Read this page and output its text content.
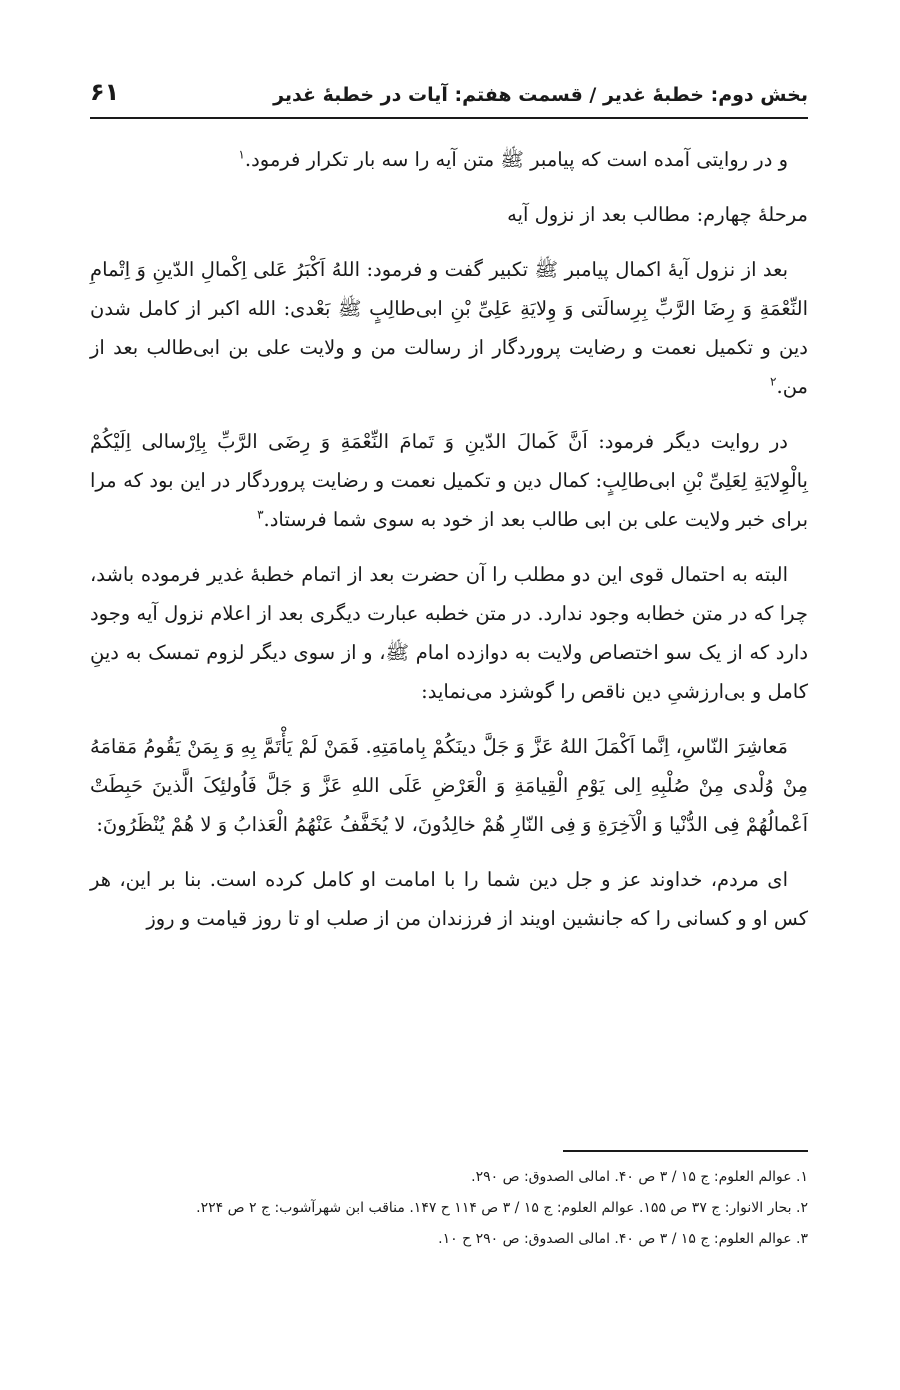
بخش دوم: خطبۀ غدیر / قسمت هفتم: آیات در خطبۀ غدیر
۶۱

و در روایتی آمده است که پیامبر ﷺ متن آیه را سه بار تکرار فرمود.$^۱$

مرحلۀ چهارم: مطالب بعد از نزول آیه

بعد از نزول آیۀ اکمال پیامبر ﷺ تکبیر گفت و فرمود: اللهُ اَکْبَرُ عَلی اِکْمالِ الدّینِ وَ اِتْمامِ النِّعْمَةِ وَ رِضَا الرَّبِّ بِرِسالَتی وَ وِلایَةِ عَلِیِّ بْنِ ابی‌طالِبٍ ﷺ بَعْدی: الله اکبر از کامل شدن دین و تکمیل نعمت و رضایت پروردگار از رسالت من و ولایت علی بن ابی‌طالب بعد از من.$^۲$

در روایت دیگر فرمود: اَنَّ کَمالَ الدّینِ وَ تَمامَ النِّعْمَةِ وَ رِضَی الرَّبِّ بِاِرْسالی اِلَیْکُمْ بِالْوِلایَةِ لِعَلِیِّ بْنِ ابی‌طالِبٍ: کمال دین و تکمیل نعمت و رضایت پروردگار در این بود که مرا برای خبر ولایت علی بن ابی طالب بعد از خود به سوی شما فرستاد.$^۳$

البته به احتمال قوی این دو مطلب را آن حضرت بعد از اتمام خطبۀ غدیر فرموده باشد، چرا که در متن خطابه وجود ندارد. در متن خطبه عبارت دیگری بعد از اعلام نزول آیه وجود دارد که از یک سو اختصاص ولایت به دوازده امام ﷺ، و از سوی دیگر لزوم تمسک به دینِ کامل و بی‌ارزشیِ دین ناقص را گوشزد می‌نماید:

مَعاشِرَ النّاسِ، اِنَّما اَکْمَلَ اللهُ عَزَّ وَ جَلَّ دینَکُمْ بِامامَتِهِ. فَمَنْ لَمْ یَأْتَمَّ بِهِ وَ بِمَنْ یَقُومُ مَقامَهُ مِنْ وُلْدی مِنْ صُلْبِهِ اِلی یَوْمِ الْقِیامَةِ وَ الْعَرْضِ عَلَی اللهِ عَزَّ وَ جَلَّ فَاُولئِکَ الَّذینَ حَبِطَتْ اَعْمالُهُمْ فِی الدُّنْیا وَ الْآخِرَةِ وَ فِی النّارِ هُمْ خالِدُونَ، لا یُخَفَّفُ عَنْهُمُ الْعَذابُ وَ لا هُمْ یُنْظَرُونَ:

ای مردم، خداوند عز و جل دین شما را با امامت او کامل کرده است. بنا بر این، هر کس او و کسانی را که جانشین اویند از فرزندان من از صلب او تا روز قیامت و روز

۱. عوالم العلوم: ج ۱۵ / ۳ ص ۴۰. امالی الصدوق: ص ۲۹۰.
۲. بحار الانوار: ج ۳۷ ص ۱۵۵. عوالم العلوم: ج ۱۵ / ۳ ص ۱۱۴ ح ۱۴۷. مناقب ابن شهرآشوب: ج ۲ ص ۲۲۴.
۳. عوالم العلوم: ج ۱۵ / ۳ ص ۴۰. امالی الصدوق: ص ۲۹۰ ح ۱۰.
